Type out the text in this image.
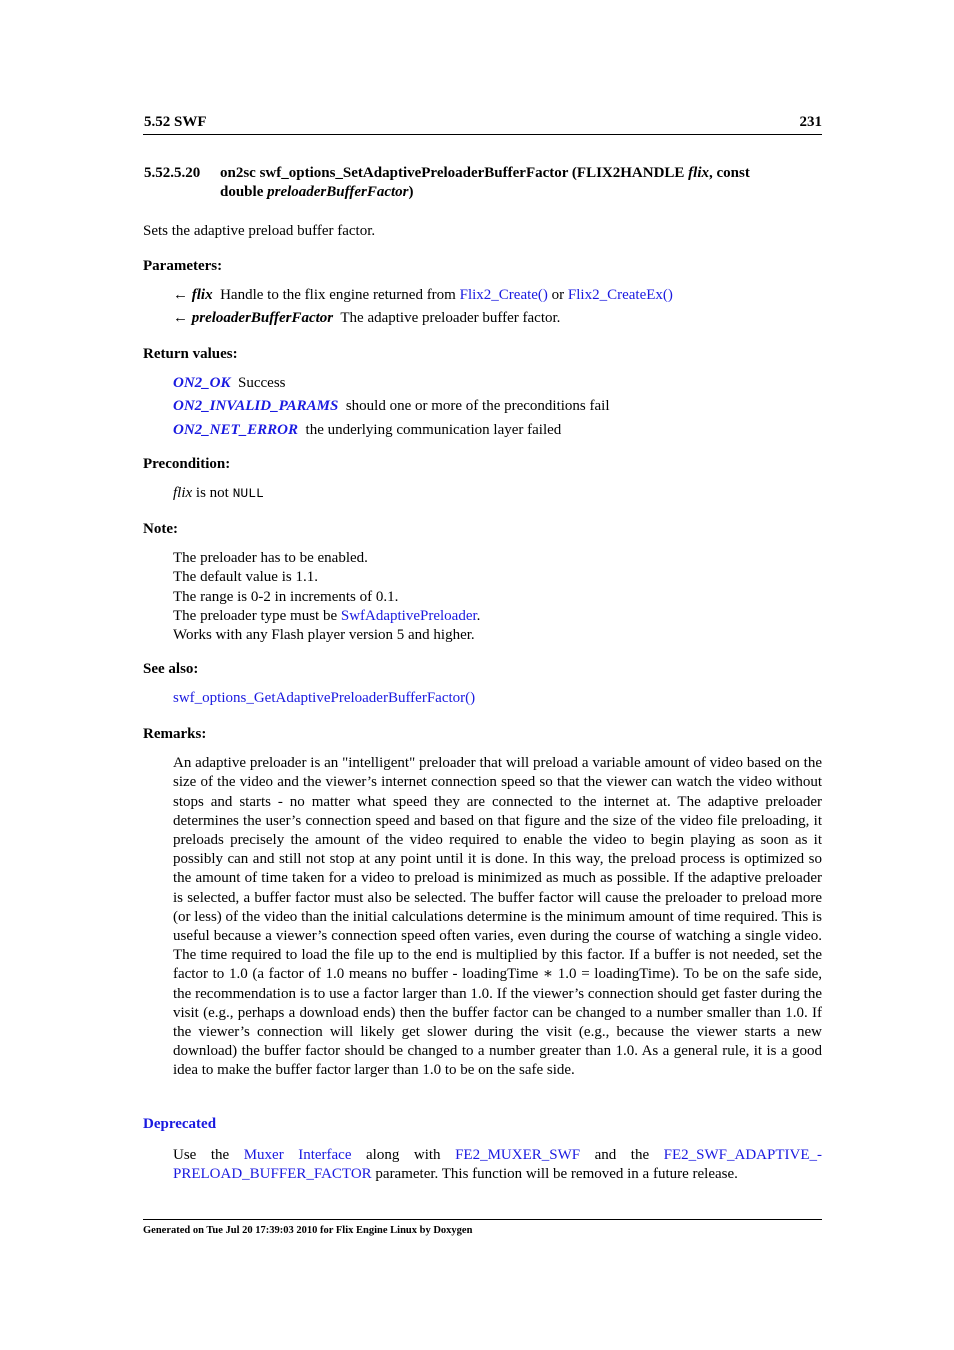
5.52 SWF	231
5.52.5.20 on2sc swf_options_SetAdaptivePreloaderBufferFactor (FLIX2HANDLE flix, const
double preloaderBufferFactor)

Sets the adaptive preload buffer factor.

Parameters:

← flix Handle to the flix engine returned from Flix2_Create() or Flix2_CreateEx()

← preloaderBufferFactor The adaptive preloader buffer factor.

Return values:

ON2_OK Success

ON2_INVALID_PARAMS should one or more of the preconditions fail

ON2_NET_ERROR the underlying communication layer failed

Precondition:

flix is not NULL

Note:

The preloader has to be enabled.

The default value is 1.1.

The range is 0-2 in increments of 0.1.

The preloader type must be SwfAdaptivePreloader.

Works with any Flash player version 5 and higher.

See also:

swf_options_GetAdaptivePreloaderBufferFactor()

Remarks:

An adaptive preloader is an "intelligent" preloader that will preload a variable amount of video based on the size of the video and the viewer’s internet connection speed so that the viewer can watch the video without stops and starts - no matter what speed they are connected to the internet at. The adaptive preloader determines the user’s connection speed and based on that figure and the size of the video file preloading, it preloads precisely the amount of the video required to enable the video to begin playing as soon as it possibly can and still not stop at any point until it is done. In this way, the preload process is optimized so the amount of time taken for a video to preload is minimized as much as possible. If the adaptive preloader is selected, a buffer factor must also be selected. The buffer factor will cause the preloader to preload more (or less) of the video than the initial calculations determine is the minimum amount of time required. This is useful because a viewer’s connection speed often varies, even during the course of watching a single video. The time required to load the file up to the end is multiplied by this factor. If a buffer is not needed, set the factor to 1.0 (a factor of 1.0 means no buffer - loadingTime ∗ 1.0 = loadingTime). To be on the safe side, the recommendation is to use a factor larger than 1.0. If the viewer’s connection should get faster during the visit (e.g., perhaps a download ends) then the buffer factor can be changed to a number smaller than 1.0. If the viewer’s connection will likely get slower during the visit (e.g., because the viewer starts a new download) the buffer factor should be changed to a number greater than 1.0. As a general rule, it is a good idea to make the buffer factor larger than 1.0 to be on the safe side.

Deprecated

Use the Muxer Interface along with FE2_MUXER_SWF and the FE2_SWF_ADAPTIVE_-PRELOAD_BUFFER_FACTOR parameter. This function will be removed in a future release.

Generated on Tue Jul 20 17:39:03 2010 for Flix Engine Linux by Doxygen
